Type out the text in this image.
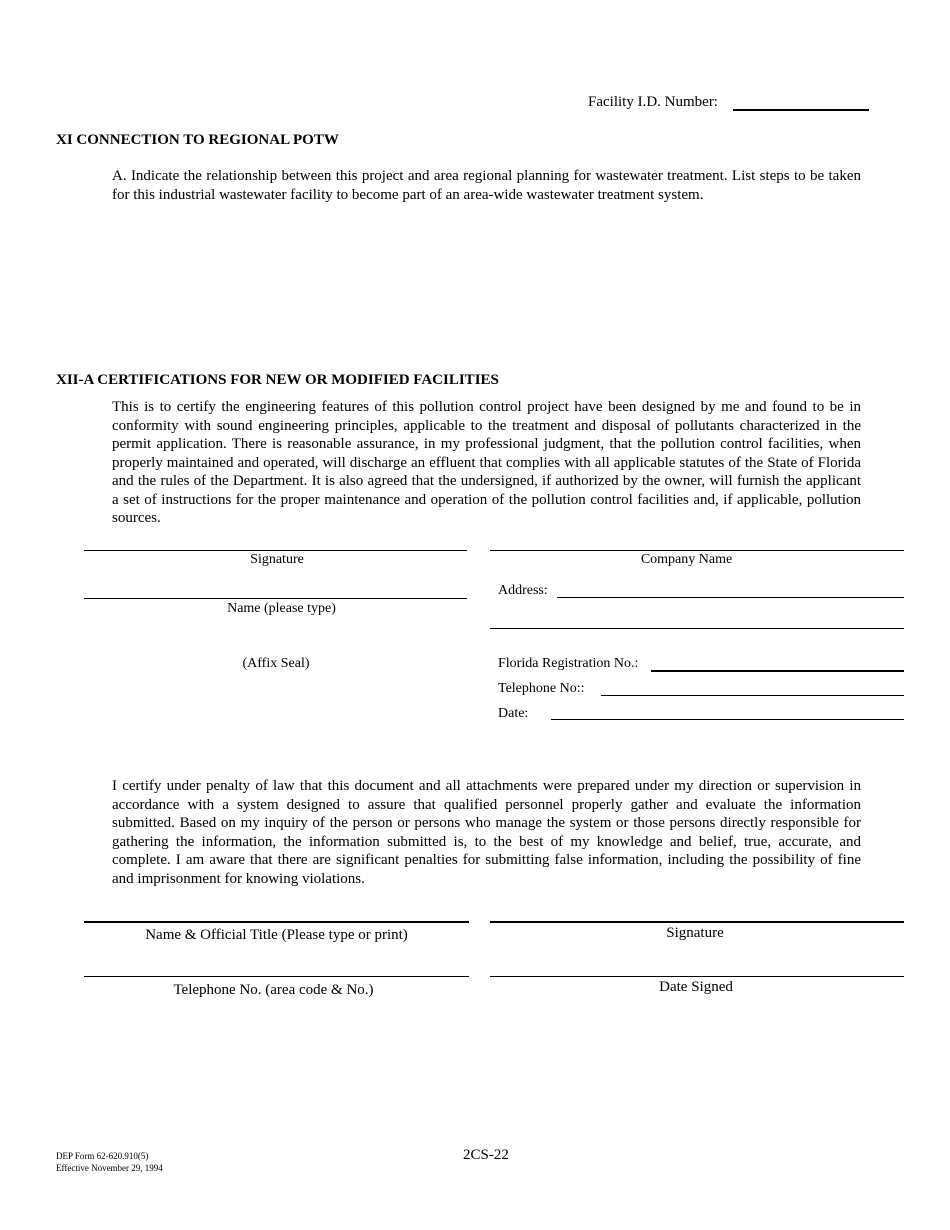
Facility I.D. Number:
XI CONNECTION TO REGIONAL POTW
A. Indicate the relationship between this project and area regional planning for wastewater treatment. List steps to be taken for this industrial wastewater facility to become part of an area-wide wastewater treatment system.
XII-A CERTIFICATIONS FOR NEW OR MODIFIED FACILITIES
This is to certify the engineering features of this pollution control project have been designed by me and found to be in conformity with sound engineering principles, applicable to the treatment and disposal of pollutants characterized in the permit application. There is reasonable assurance, in my professional judgment, that the pollution control facilities, when properly maintained and operated, will discharge an effluent that complies with all applicable statutes of the State of Florida and the rules of the Department. It is also agreed that the undersigned, if authorized by the owner, will furnish the applicant a set of instructions for the proper maintenance and operation of the pollution control facilities and, if applicable, pollution sources.
Signature
Name (please type)
(Affix Seal)
Company Name
Address:
Florida Registration No.:
Telephone No::
Date:
I certify under penalty of law that this document and all attachments were prepared under my direction or supervision in accordance with a system designed to assure that qualified personnel properly gather and evaluate the information submitted. Based on my inquiry of the person or persons who manage the system or those persons directly responsible for gathering the information, the information submitted is, to the best of my knowledge and belief, true, accurate, and complete. I am aware that there are significant penalties for submitting false information, including the possibility of fine and imprisonment for knowing violations.
Name & Official Title (Please type or print)	Signature
Telephone No. (area code & No.)	Date Signed
DEP Form 62-620.910(5)
Effective November 29, 1994
2CS-22
